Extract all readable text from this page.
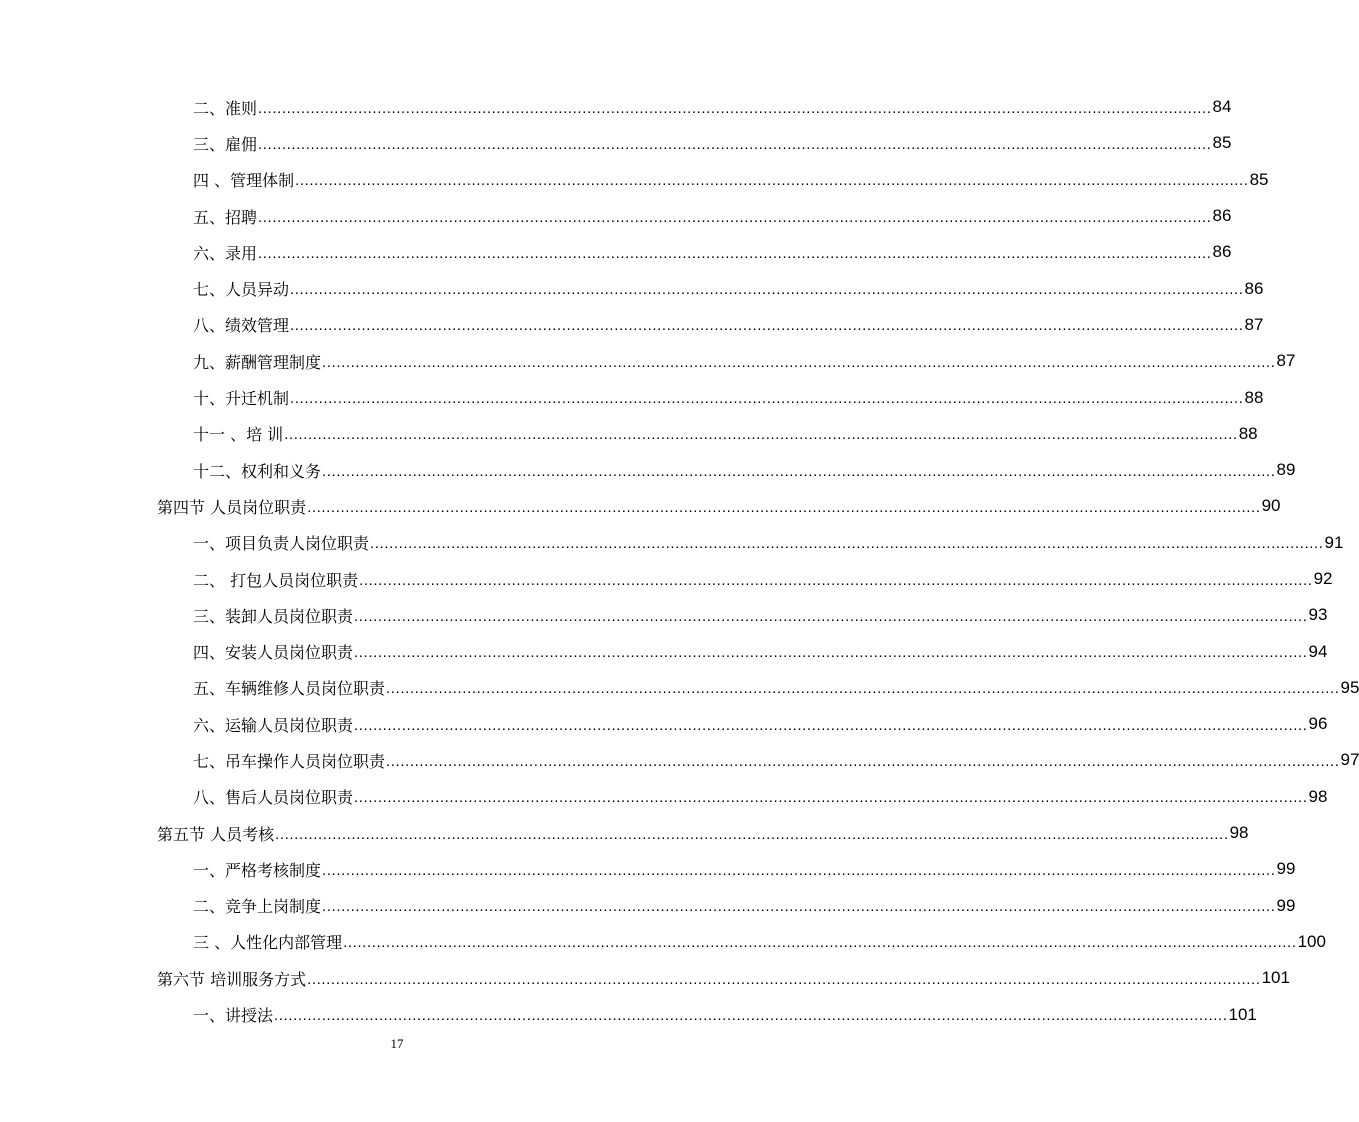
二、准则 ........................................................................................................................................................................................................ 84
三、雇佣 ........................................................................................................................................................................................................ 85
四 、管理体制 ........................................................................................................................................................................................................ 85
五、招聘 ........................................................................................................................................................................................................ 86
六、录用 ........................................................................................................................................................................................................ 86
七、人员异动 ........................................................................................................................................................................................................ 86
八、绩效管理 ........................................................................................................................................................................................................ 87
九、薪酬管理制度 ........................................................................................................................................................................................................ 87
十、升迁机制 ........................................................................................................................................................................................................ 88
十一 、培 训 ........................................................................................................................................................................................................ 88
十二、权利和义务 ........................................................................................................................................................................................................ 89
第四节 人员岗位职责 ........................................................................................................................................................................................................ 90
一、项目负责人岗位职责 ........................................................................................................................................................................................................ 91
二、 打包人员岗位职责 ........................................................................................................................................................................................................ 92
三、装卸人员岗位职责 ........................................................................................................................................................................................................ 93
四、安装人员岗位职责 ........................................................................................................................................................................................................ 94
五、车辆维修人员岗位职责 ........................................................................................................................................................................................................ 95
六、运输人员岗位职责 ........................................................................................................................................................................................................ 96
七、吊车操作人员岗位职责 ........................................................................................................................................................................................................ 97
八、售后人员岗位职责 ........................................................................................................................................................................................................ 98
第五节 人员考核 ........................................................................................................................................................................................................ 98
一、严格考核制度 ........................................................................................................................................................................................................ 99
二、竞争上岗制度 ........................................................................................................................................................................................................ 99
三 、人性化内部管理 ........................................................................................................................................................................................................ 100
第六节 培训服务方式 ........................................................................................................................................................................................................ 101
一、讲授法 ........................................................................................................................................................................................................ 101
17
